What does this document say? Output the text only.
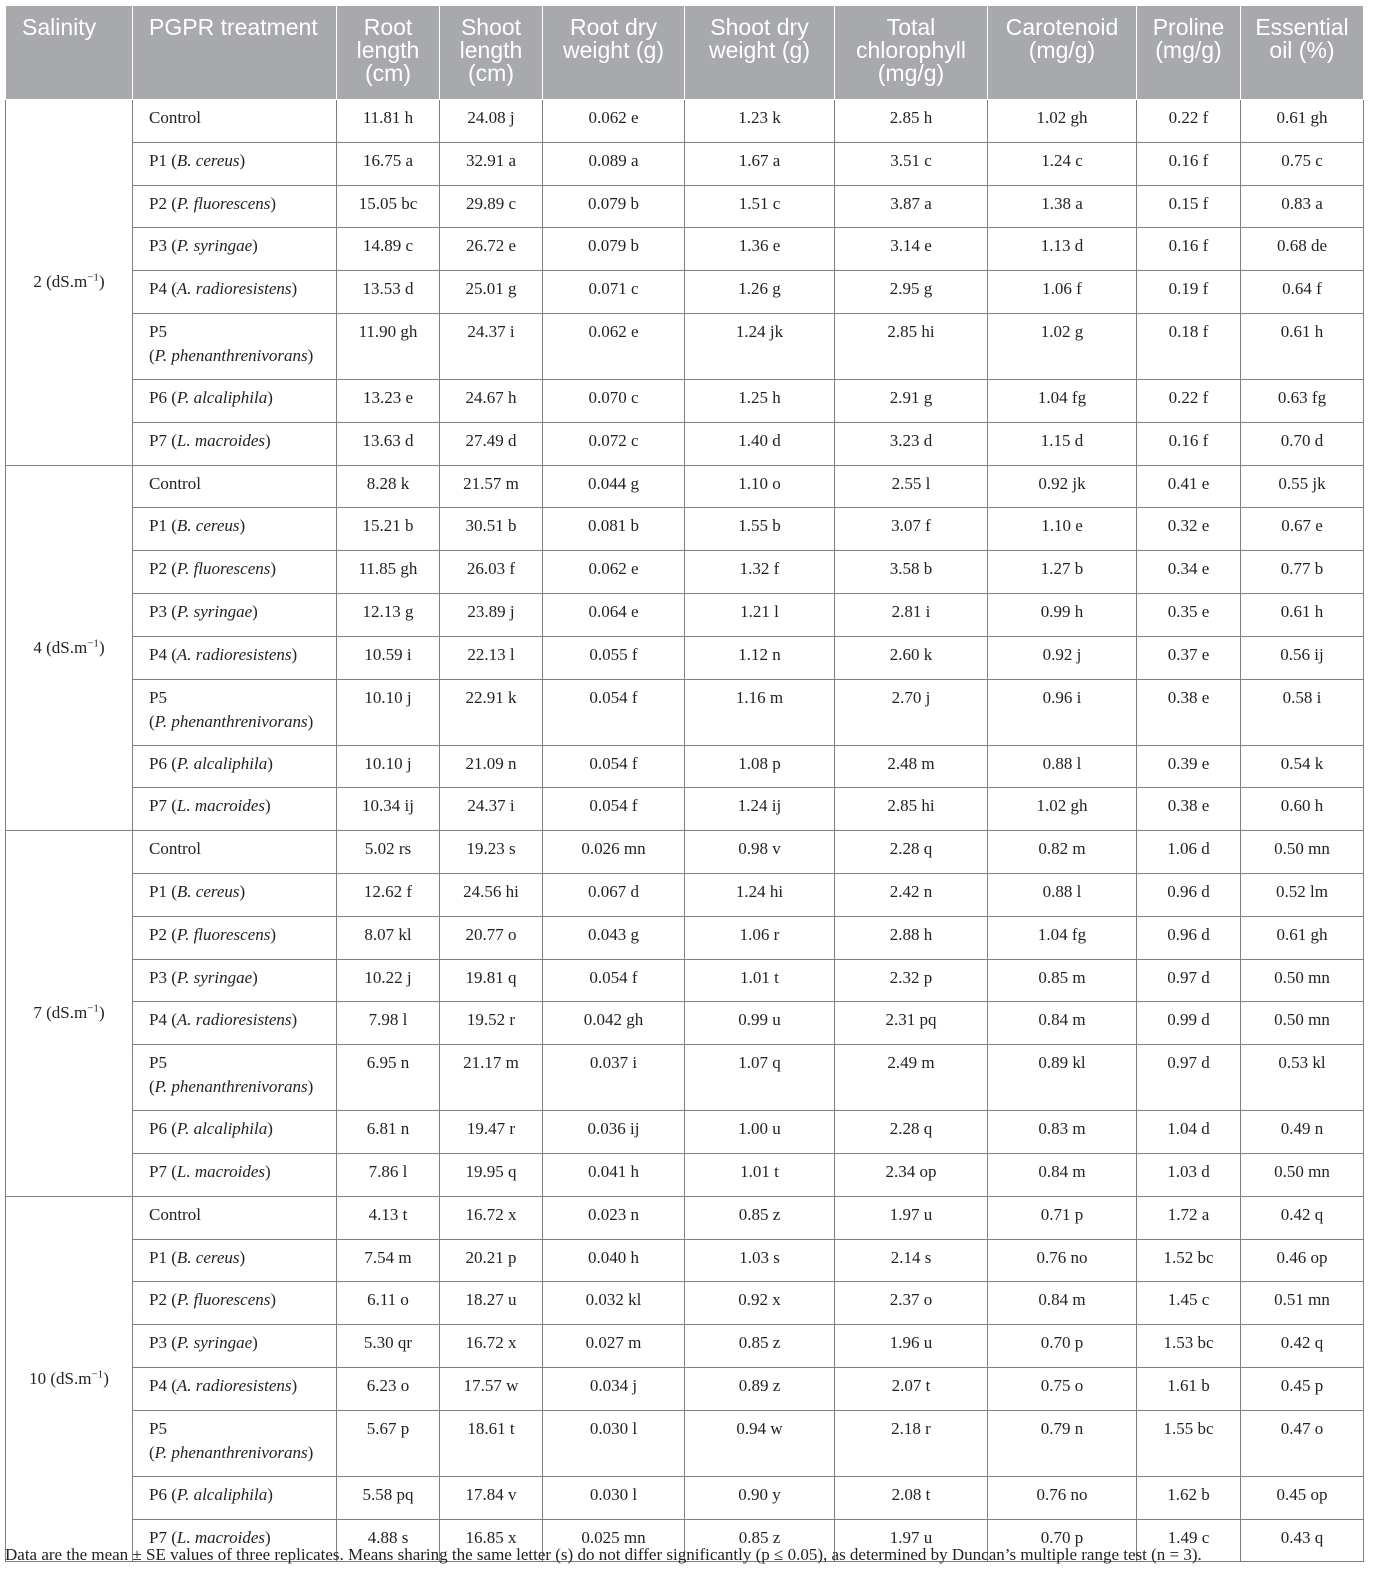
Salinity	PGPR treatment	Root length (cm)	Shoot length (cm)	Root dry weight (g)	Shoot dry weight (g)	Total chlorophyll (mg/g)	Carotenoid (mg/g)	Proline (mg/g)	Essential oil (%)
2 $(dS.m^{-1})$	Control	11.81 h	24.08 j	0.062 e	1.23 k	2.85 h	1.02 gh	0.22 f	0.61 gh

	P1 (B. cereus)	16.75 a	32.91 a	0.089 a	1.67 a	3.51 c	1.24 c	0.16 f	0.75 c

	P2 (P. fluorescens)	15.05 bc	29.89 c	0.079 b	1.51 c	3.87 a	1.38 a	0.15 f	0.83 a

	P3 (P. syringae)	14.89 c	26.72 e	0.079 b	1.36 e	3.14 e	1.13 d	0.16 f	0.68 de

	P4 (A. radioresistens)	13.53 d	25.01 g	0.071 c	1.26 g	2.95 g	1.06 f	0.19 f	0.64 f

	P5
(P. phenanthrenivorans)	11.90 gh	24.37 i	0.062 e	1.24 jk	2.85 hi	1.02 g	0.18 f	0.61 h

	P6 (P. alcaliphila)	13.23 e	24.67 h	0.070 c	1.25 h	2.91 g	1.04 fg	0.22 f	0.63 fg

	P7 (L. macroides)	13.63 d	27.49 d	0.072 c	1.40 d	3.23 d	1.15 d	0.16 f	0.70 d

4 $(dS.m^{-1})$	Control	8.28 k	21.57 m	0.044 g	1.10 o	2.55 l	0.92 jk	0.41 e	0.55 jk

	P1 (B. cereus)	15.21 b	30.51 b	0.081 b	1.55 b	3.07 f	1.10 e	0.32 e	0.67 e

	P2 (P. fluorescens)	11.85 gh	26.03 f	0.062 e	1.32 f	3.58 b	1.27 b	0.34 e	0.77 b

	P3 (P. syringae)	12.13 g	23.89 j	0.064 e	1.21 l	2.81 i	0.99 h	0.35 e	0.61 h

	P4 (A. radioresistens)	10.59 i	22.13 l	0.055 f	1.12 n	2.60 k	0.92 j	0.37 e	0.56 ij

	P5
(P. phenanthrenivorans)	10.10 j	22.91 k	0.054 f	1.16 m	2.70 j	0.96 i	0.38 e	0.58 i

	P6 (P. alcaliphila)	10.10 j	21.09 n	0.054 f	1.08 p	2.48 m	0.88 l	0.39 e	0.54 k

	P7 (L. macroides)	10.34 ij	24.37 i	0.054 f	1.24 ij	2.85 hi	1.02 gh	0.38 e	0.60 h

7 $(dS.m^{-1})$	Control	5.02 rs	19.23 s	0.026 mn	0.98 v	2.28 q	0.82 m	1.06 d	0.50 mn

	P1 (B. cereus)	12.62 f	24.56 hi	0.067 d	1.24 hi	2.42 n	0.88 l	0.96 d	0.52 lm

	P2 (P. fluorescens)	8.07 kl	20.77 o	0.043 g	1.06 r	2.88 h	1.04 fg	0.96 d	0.61 gh

	P3 (P. syringae)	10.22 j	19.81 q	0.054 f	1.01 t	2.32 p	0.85 m	0.97 d	0.50 mn

	P4 (A. radioresistens)	7.98 l	19.52 r	0.042 gh	0.99 u	2.31 pq	0.84 m	0.99 d	0.50 mn

	P5
(P. phenanthrenivorans)	6.95 n	21.17 m	0.037 i	1.07 q	2.49 m	0.89 kl	0.97 d	0.53 kl

	P6 (P. alcaliphila)	6.81 n	19.47 r	0.036 ij	1.00 u	2.28 q	0.83 m	1.04 d	0.49 n

	P7 (L. macroides)	7.86 l	19.95 q	0.041 h	1.01 t	2.34 op	0.84 m	1.03 d	0.50 mn

10 $(dS.m^{-1})$	Control	4.13 t	16.72 x	0.023 n	0.85 z	1.97 u	0.71 p	1.72 a	0.42 q

	P1 (B. cereus)	7.54 m	20.21 p	0.040 h	1.03 s	2.14 s	0.76 no	1.52 bc	0.46 op

	P2 (P. fluorescens)	6.11 o	18.27 u	0.032 kl	0.92 x	2.37 o	0.84 m	1.45 c	0.51 mn

	P3 (P. syringae)	5.30 qr	16.72 x	0.027 m	0.85 z	1.96 u	0.70 p	1.53 bc	0.42 q

	P4 (A. radioresistens)	6.23 o	17.57 w	0.034 j	0.89 z	2.07 t	0.75 o	1.61 b	0.45 p

	P5
(P. phenanthrenivorans)	5.67 p	18.61 t	0.030 l	0.94 w	2.18 r	0.79 n	1.55 bc	0.47 o

	P6 (P. alcaliphila)	5.58 pq	17.84 v	0.030 l	0.90 y	2.08 t	0.76 no	1.62 b	0.45 op

	P7 (L. macroides)	4.88 s	16.85 x	0.025 mn	0.85 z	1.97 u	0.70 p	1.49 c	0.43 q
Data are the mean ± SE values of three replicates. Means sharing the same letter (s) do not differ significantly (p ≤ 0.05), as determined by Duncan’s multiple range test (n = 3).
